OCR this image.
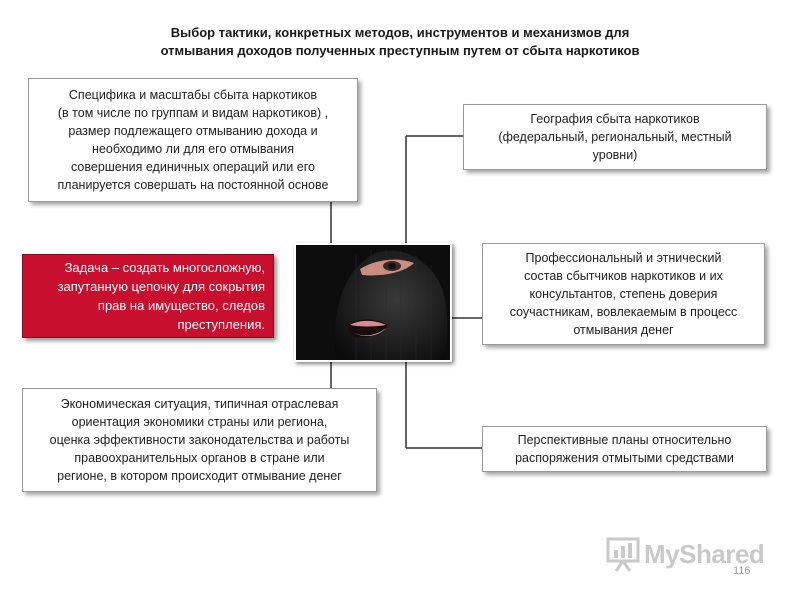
Выбор тактики, конкретных методов, инструментов и механизмов для
отмывания доходов полученных преступным путем от сбыта наркотиков
Специфика и масштабы сбыта наркотиков
(в том числе по группам и видам наркотиков) ,
размер подлежащего отмыванию дохода и
необходимо ли для его отмывания
совершения единичных операций или его
планируется совершать на постоянной основе
Задача – создать многосложную,
запутанную цепочку для сокрытия
прав на имущество, следов
преступления.
Экономическая ситуация, типичная отраслевая
ориентация экономики страны или региона,
оценка эффективности законодательства и работы
правоохранительных органов в стране или
регионе, в котором происходит отмывание денег
География сбыта наркотиков
(федеральный, региональный, местный
уровни)
Профессиональный и этнический
состав сбытчиков наркотиков и их
консультантов, степень доверия
соучастникам, вовлекаемым в процесс
отмывания денег
Перспективные планы относительно
распоряжения отмытыми средствами
MyShared
116
